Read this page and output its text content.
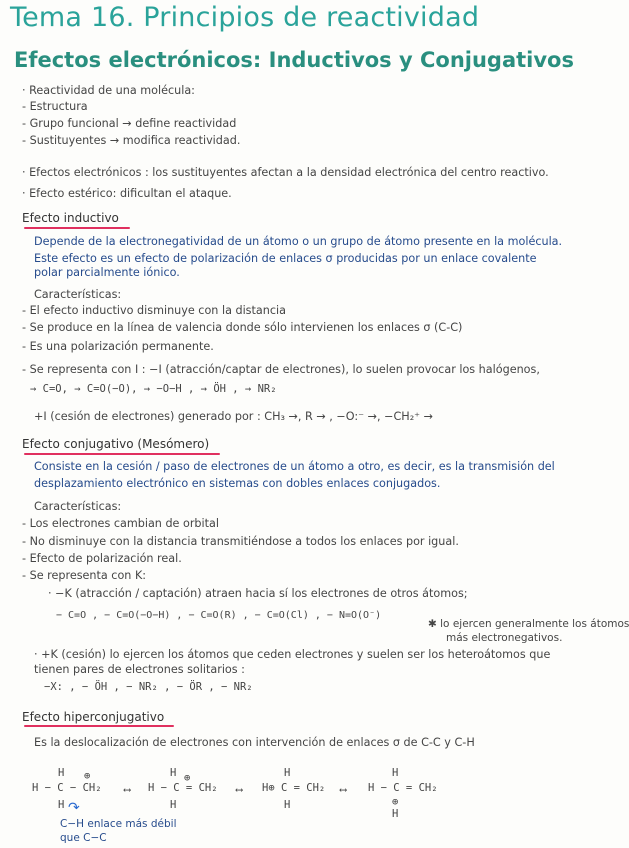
Tema 16. Principios de reactividad
Efectos electrónicos: Inductivos y Conjugativos
· Reactividad de una molécula:
- Estructura
- Grupo funcional → define reactividad
- Sustituyentes → modifica reactividad.
· Efectos electrónicos : los sustituyentes afectan a la densidad electrónica del centro reactivo.
· Efecto estérico: dificultan el ataque.
Efecto inductivo
Depende de la electronegatividad de un átomo o un grupo de átomo presente en la molécula.
Este efecto es un efecto de polarización de enlaces σ producidas por un enlace covalente
polar parcialmente iónico.
Características:
- El efecto inductivo disminuye con la distancia
- Se produce en la línea de valencia donde sólo intervienen los enlaces σ (C-C)
- Es una polarización permanente.
- Se representa con I : −I (atracción/captar de electrones), lo suelen provocar los halógenos,
→ C=O, → C=O(−O), → −O−H , → ÖH , → NR₂
+I (cesión de electrones) generado por : CH₃ →, R → , −O:⁻ →, −CH₂⁺ →
Efecto conjugativo (Mesómero)
Consiste en la cesión / paso de electrones de un átomo a otro, es decir, es la transmisión del
desplazamiento electrónico en sistemas con dobles enlaces conjugados.
Características:
- Los electrones cambian de orbital
- No disminuye con la distancia transmitiéndose a todos los enlaces por igual.
- Efecto de polarización real.
- Se representa con K:
· −K (atracción / captación) atraen hacia sí los electrones de otros átomos;
− C=O , − C=O(−O−H) , − C=O(R) , − C=O(Cl) , − N=O(O⁻)
✱ lo ejercen generalmente los átomos
más electronegativos.
· +K (cesión) lo ejercen los átomos que ceden electrones y suelen ser los heteroátomos que
tienen pares de electrones solitarios :
−X: , − ÖH , − NR₂ , − ÖR , − NR₂
Efecto hiperconjugativo
Es la deslocalización de electrones con intervención de enlaces σ de C-C y C-H
H
H − C − CH₂
⊕
H ↷
⟷
H
H − C = CH₂
⊕
H
⟷
H
H⊕ C = CH₂
H
⟷
H
H − C = CH₂
⊕
H
C−H enlace más débil
que C−C
